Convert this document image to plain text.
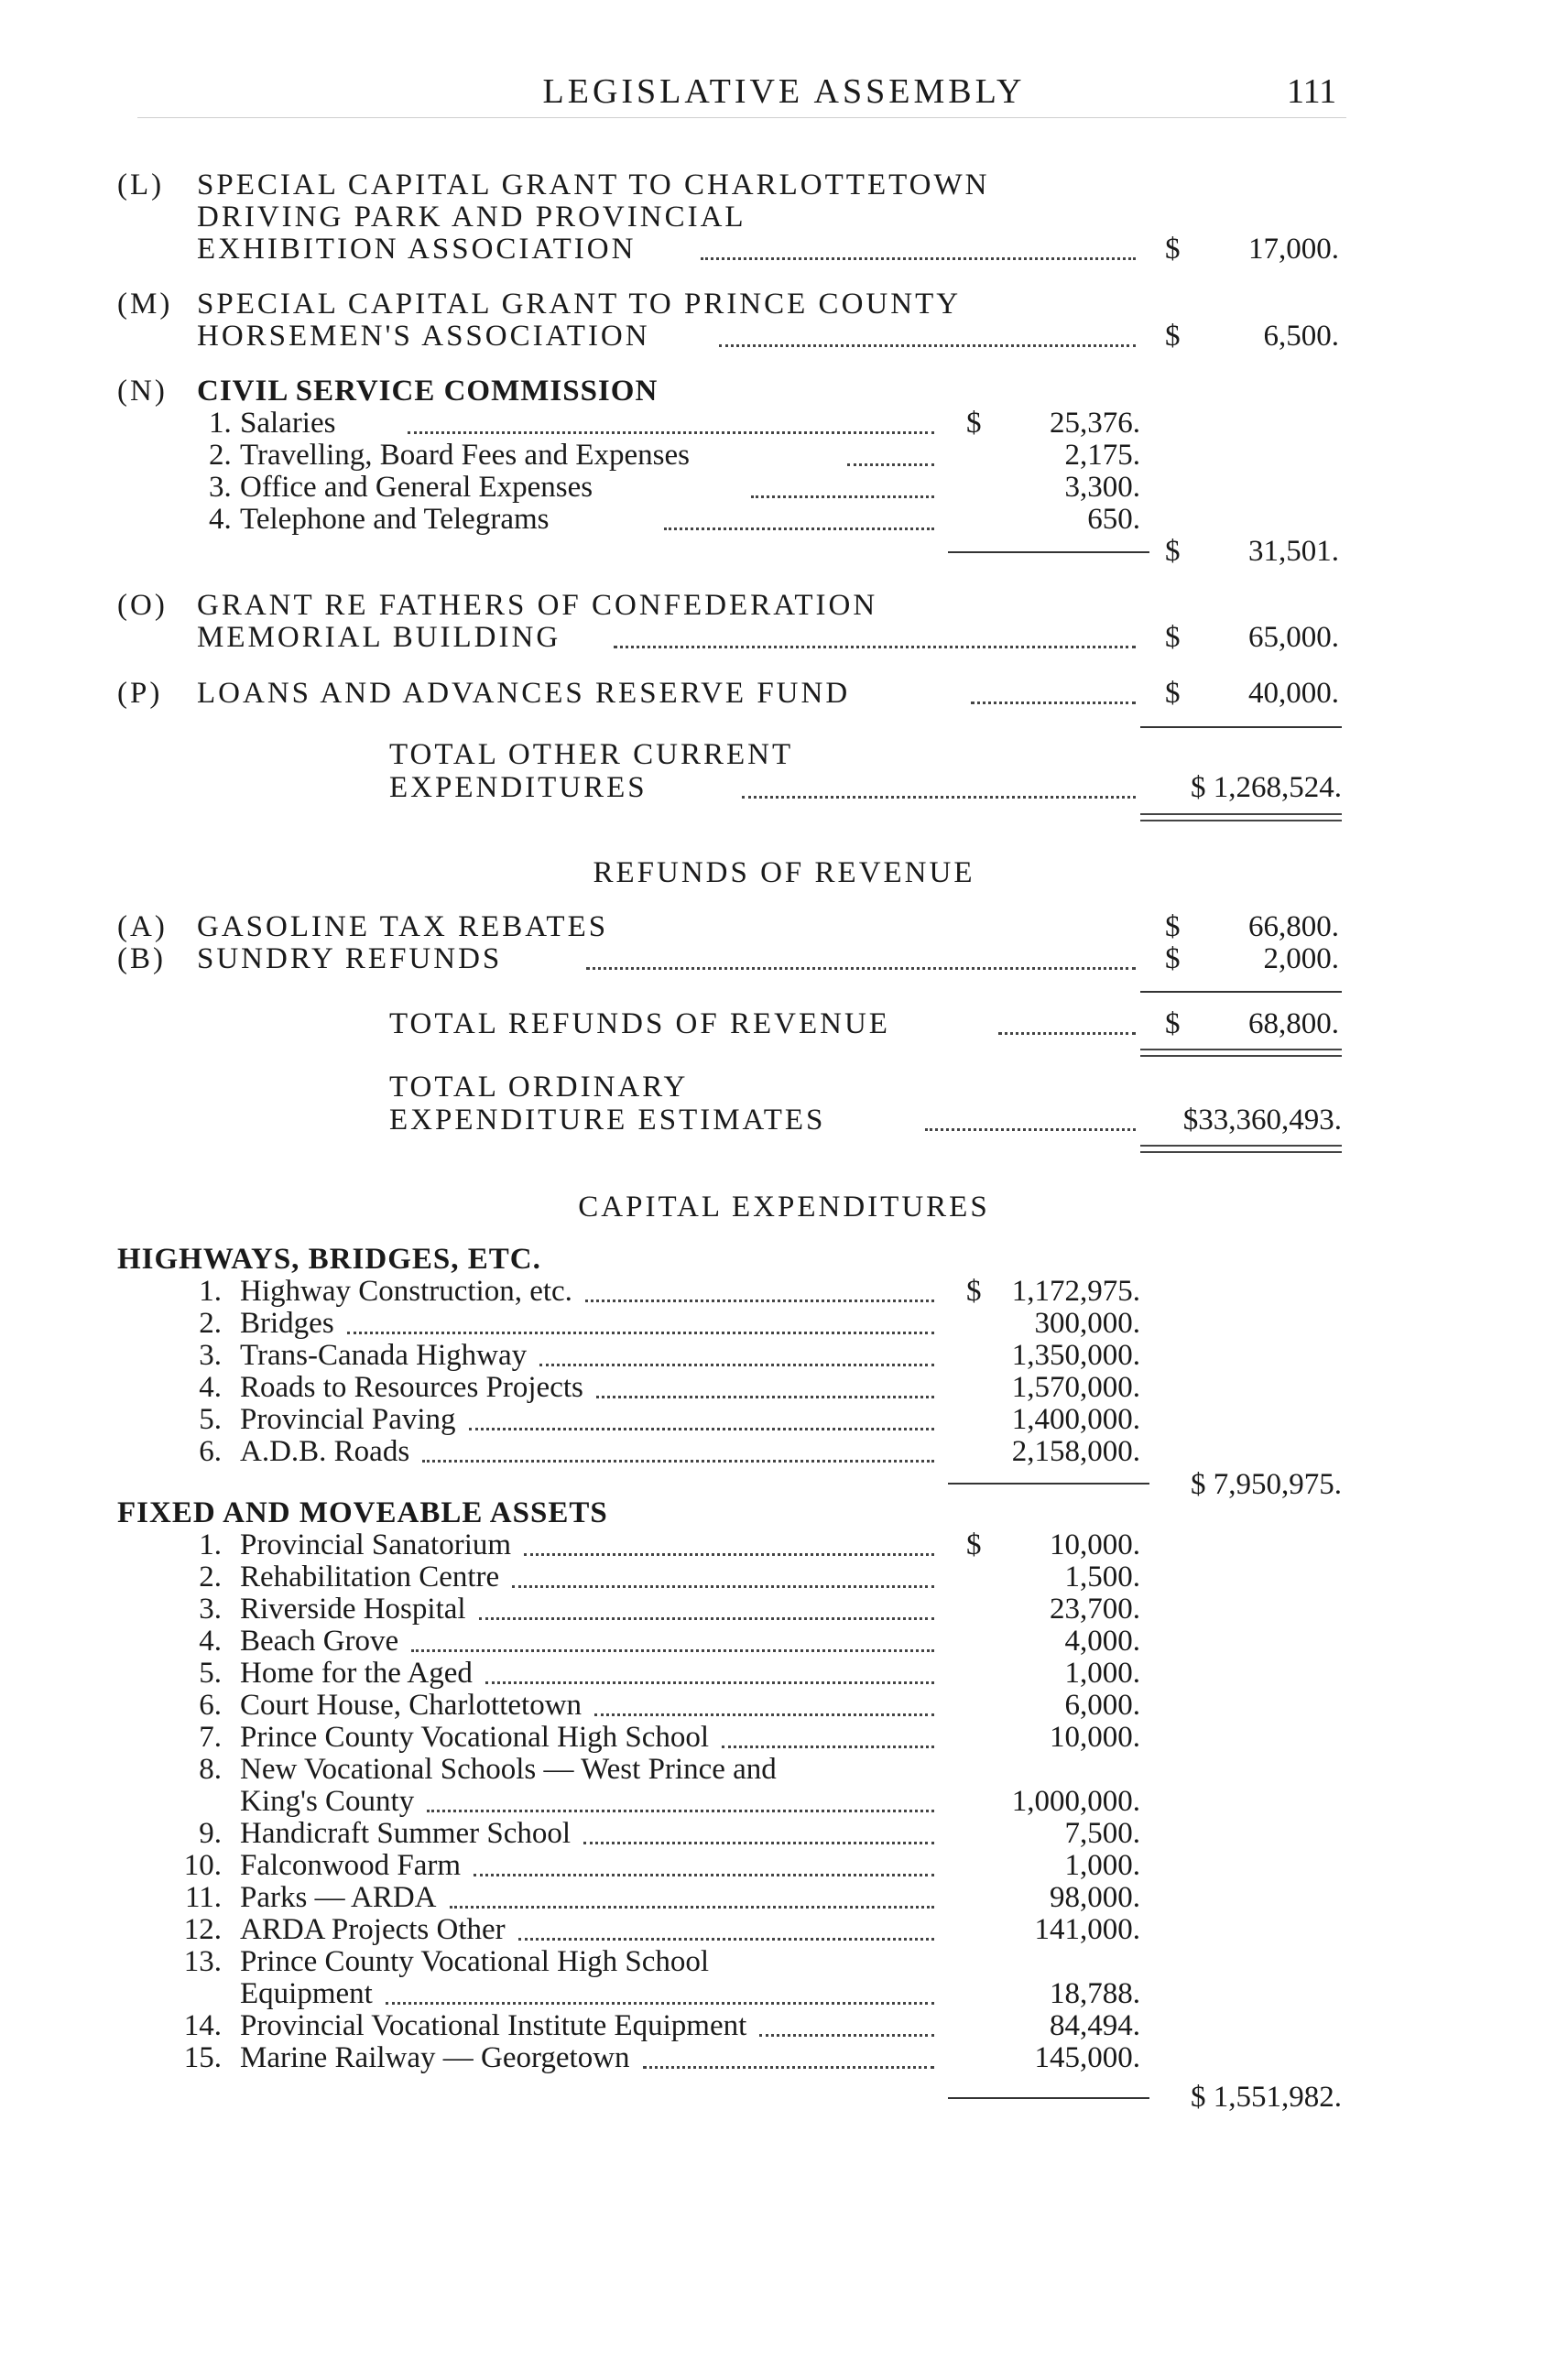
LEGISLATIVE ASSEMBLY	111
(L) SPECIAL CAPITAL GRANT TO CHARLOTTETOWN
DRIVING PARK AND PROVINCIAL
EXHIBITION ASSOCIATION	$	17,000.
(M) SPECIAL CAPITAL GRANT TO PRINCE COUNTY
HORSEMEN'S ASSOCIATION	$	6,500.
(N) CIVIL SERVICE COMMISSION
1. Salaries	$	25,376.
2. Travelling, Board Fees and Expenses	2,175.
3. Office and General Expenses	3,300.
4. Telephone and Telegrams	650.
$	31,501.
(O) GRANT RE FATHERS OF CONFEDERATION
MEMORIAL BUILDING	$	65,000.
(P) LOANS AND ADVANCES RESERVE FUND	$	40,000.
TOTAL OTHER CURRENT
EXPENDITURES	$ 1,268,524.
REFUNDS OF REVENUE
(A) GASOLINE TAX REBATES	$	66,800.
(B) SUNDRY REFUNDS	$	2,000.
TOTAL REFUNDS OF REVENUE	$	68,800.
TOTAL ORDINARY
EXPENDITURE ESTIMATES	$33,360,493.
CAPITAL EXPENDITURES
HIGHWAYS, BRIDGES, ETC.
1. Highway Construction, etc.	$	1,172,975.
2. Bridges	300,000.
3. Trans-Canada Highway	1,350,000.
4. Roads to Resources Projects	1,570,000.
5. Provincial Paving	1,400,000.
6. A.D.B. Roads	2,158,000.
$ 7,950,975.
FIXED AND MOVEABLE ASSETS
1. Provincial Sanatorium	$	10,000.
2. Rehabilitation Centre	1,500.
3. Riverside Hospital	23,700.
4. Beach Grove	4,000.
5. Home for the Aged	1,000.
6. Court House, Charlottetown	6,000.
7. Prince County Vocational High School	10,000.
8. New Vocational Schools — West Prince and
King's County	1,000,000.
9. Handicraft Summer School	7,500.
10. Falconwood Farm	1,000.
11. Parks — ARDA	98,000.
12. ARDA Projects Other	141,000.
13. Prince County Vocational High School
Equipment	18,788.
14. Provincial Vocational Institute Equipment	84,494.
15. Marine Railway — Georgetown	145,000.
$ 1,551,982.
